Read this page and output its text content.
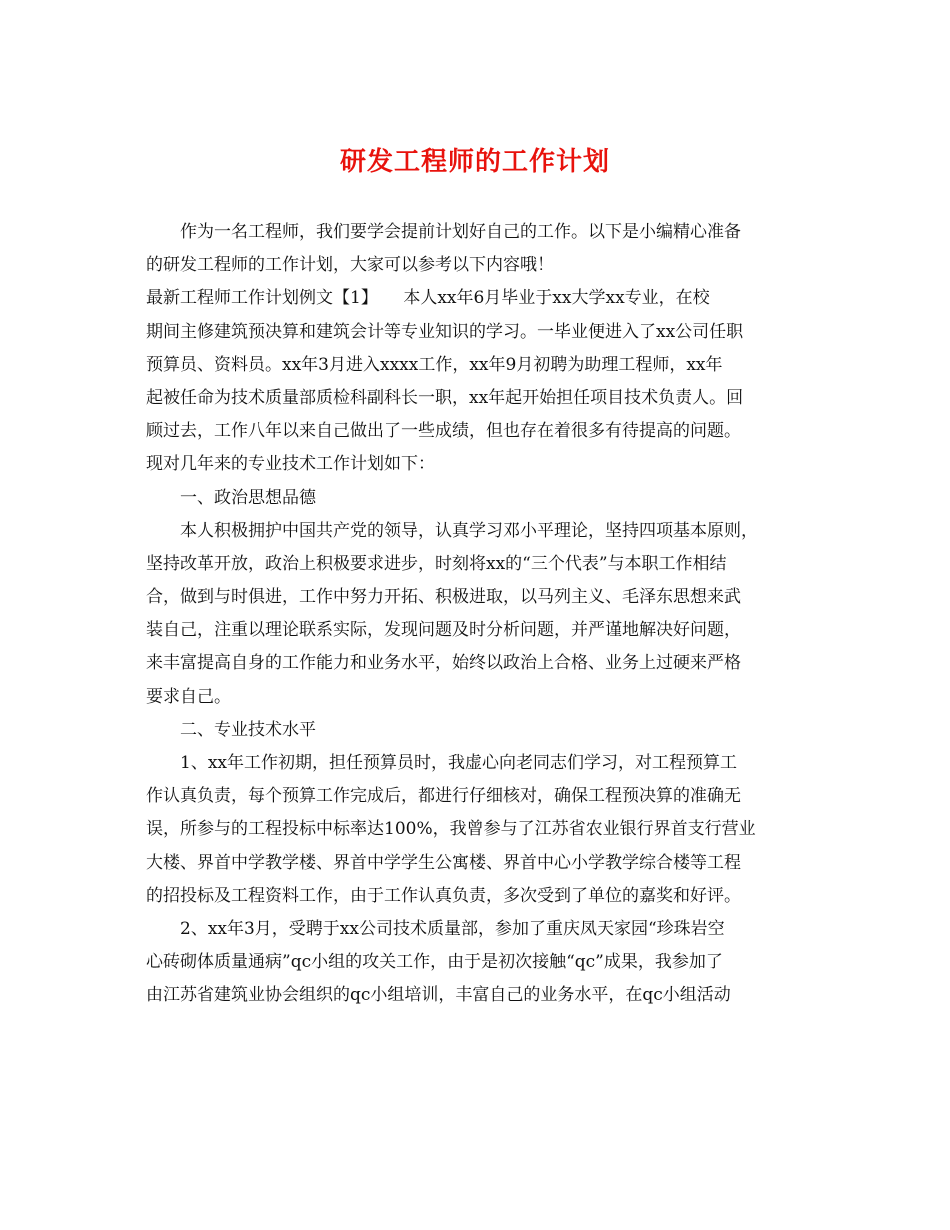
研发工程师的工作计划
作为一名工程师，我们要学会提前计划好自己的工作。以下是小编精心准备
的研发工程师的工作计划，大家可以参考以下内容哦！
最新工程师工作计划例文【1】　　本人xx年6月毕业于xx大学xx专业，在校
期间主修建筑预决算和建筑会计等专业知识的学习。一毕业便进入了xx公司任职
预算员、资料员。xx年3月进入xxxx工作，xx年9月初聘为助理工程师，xx年
起被任命为技术质量部质检科副科长一职，xx年起开始担任项目技术负责人。回
顾过去，工作八年以来自己做出了一些成绩，但也存在着很多有待提高的问题。
现对几年来的专业技术工作计划如下：
一、政治思想品德
本人积极拥护中国共产党的领导，认真学习邓小平理论，坚持四项基本原则，
坚持改革开放，政治上积极要求进步，时刻将xx的“三个代表”与本职工作相结
合，做到与时俱进，工作中努力开拓、积极进取，以马列主义、毛泽东思想来武
装自己，注重以理论联系实际，发现问题及时分析问题，并严谨地解决好问题，
来丰富提高自身的工作能力和业务水平，始终以政治上合格、业务上过硬来严格
要求自己。
二、专业技术水平
1、xx年工作初期，担任预算员时，我虚心向老同志们学习，对工程预算工
作认真负责，每个预算工作完成后，都进行仔细核对，确保工程预决算的准确无
误，所参与的工程投标中标率达100%，我曾参与了江苏省农业银行界首支行营业
大楼、界首中学教学楼、界首中学学生公寓楼、界首中心小学教学综合楼等工程
的招投标及工程资料工作，由于工作认真负责，多次受到了单位的嘉奖和好评。
2、xx年3月，受聘于xx公司技术质量部，参加了重庆凤天家园“珍珠岩空
心砖砌体质量通病”qc小组的攻关工作，由于是初次接触“qc”成果，我参加了
由江苏省建筑业协会组织的qc小组培训，丰富自己的业务水平，在qc小组活动
